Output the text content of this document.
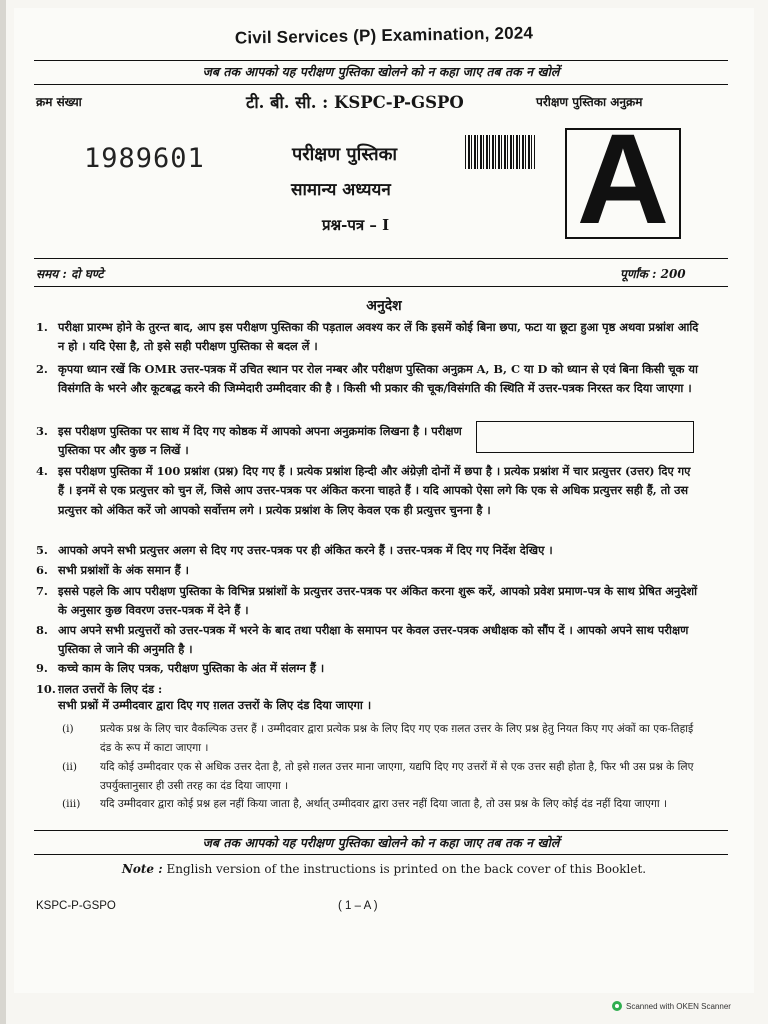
Civil Services (P) Examination, 2024
जब तक आपको यह परीक्षण पुस्तिका खोलने को न कहा जाए तब तक न खोलें
क्रम संख्या	टी. बी. सी. : KSPC-P-GSPO	परीक्षण पुस्तिका अनुक्रम
1989601	परीक्षण पुस्तिका
सामान्य अध्ययन
प्रश्न-पत्र – I A
समय : दो घण्टे	पूर्णांक : 200
अनुदेश
1. परीक्षा प्रारम्भ होने के तुरन्त बाद, आप इस परीक्षण पुस्तिका की पड़ताल अवश्य कर लें कि इसमें कोई बिना छपा, फटा या छूटा हुआ पृष्ठ अथवा प्रश्नांश आदि न हो । यदि ऐसा है, तो इसे सही परीक्षण पुस्तिका से बदल लें ।
2. कृपया ध्यान रखें कि OMR उत्तर-पत्रक में उचित स्थान पर रोल नम्बर और परीक्षण पुस्तिका अनुक्रम A, B, C या D को ध्यान से एवं बिना किसी चूक या विसंगति के भरने और कूटबद्ध करने की जिम्मेदारी उम्मीदवार की है । किसी भी प्रकार की चूक/विसंगति की स्थिति में उत्तर-पत्रक निरस्त कर दिया जाएगा ।
3. इस परीक्षण पुस्तिका पर साथ में दिए गए कोष्ठक में आपको अपना अनुक्रमांक लिखना है । परीक्षण पुस्तिका पर और कुछ न लिखें ।
4. इस परीक्षण पुस्तिका में 100 प्रश्नांश (प्रश्न) दिए गए हैं । प्रत्येक प्रश्नांश हिन्दी और अंग्रेज़ी दोनों में छपा है । प्रत्येक प्रश्नांश में चार प्रत्युत्तर (उत्तर) दिए गए हैं । इनमें से एक प्रत्युत्तर को चुन लें, जिसे आप उत्तर-पत्रक पर अंकित करना चाहते हैं । यदि आपको ऐसा लगे कि एक से अधिक प्रत्युत्तर सही हैं, तो उस प्रत्युत्तर को अंकित करें जो आपको सर्वोत्तम लगे । प्रत्येक प्रश्नांश के लिए केवल एक ही प्रत्युत्तर चुनना है ।
5. आपको अपने सभी प्रत्युत्तर अलग से दिए गए उत्तर-पत्रक पर ही अंकित करने हैं । उत्तर-पत्रक में दिए गए निर्देश देखिए ।
6. सभी प्रश्नांशों के अंक समान हैं ।
7. इससे पहले कि आप परीक्षण पुस्तिका के विभिन्न प्रश्नांशों के प्रत्युत्तर उत्तर-पत्रक पर अंकित करना शुरू करें, आपको प्रवेश प्रमाण-पत्र के साथ प्रेषित अनुदेशों के अनुसार कुछ विवरण उत्तर-पत्रक में देने हैं ।
8. आप अपने सभी प्रत्युत्तरों को उत्तर-पत्रक में भरने के बाद तथा परीक्षा के समापन पर केवल उत्तर-पत्रक अधीक्षक को सौंप दें । आपको अपने साथ परीक्षण पुस्तिका ले जाने की अनुमति है ।
9. कच्चे काम के लिए पत्रक, परीक्षण पुस्तिका के अंत में संलग्न हैं ।
10. ग़लत उत्तरों के लिए दंड :
सभी प्रश्नों में उम्मीदवार द्वारा दिए गए ग़लत उत्तरों के लिए दंड दिया जाएगा ।
(i)	प्रत्येक प्रश्न के लिए चार वैकल्पिक उत्तर हैं । उम्मीदवार द्वारा प्रत्येक प्रश्न के लिए दिए गए एक ग़लत उत्तर के लिए प्रश्न हेतु नियत किए गए अंकों का एक-तिहाई दंड के रूप में काटा जाएगा ।
(ii)	यदि कोई उम्मीदवार एक से अधिक उत्तर देता है, तो इसे ग़लत उत्तर माना जाएगा, यद्यपि दिए गए उत्तरों में से एक उत्तर सही होता है, फिर भी उस प्रश्न के लिए उपर्युक्तानुसार ही उसी तरह का दंड दिया जाएगा ।
(iii)	यदि उम्मीदवार द्वारा कोई प्रश्न हल नहीं किया जाता है, अर्थात् उम्मीदवार द्वारा उत्तर नहीं दिया जाता है, तो उस प्रश्न के लिए कोई दंड नहीं दिया जाएगा ।
जब तक आपको यह परीक्षण पुस्तिका खोलने को न कहा जाए तब तक न खोलें
Note : English version of the instructions is printed on the back cover of this Booklet.
KSPC-P-GSPO	( 1 – A )
Scanned with OKEN Scanner
